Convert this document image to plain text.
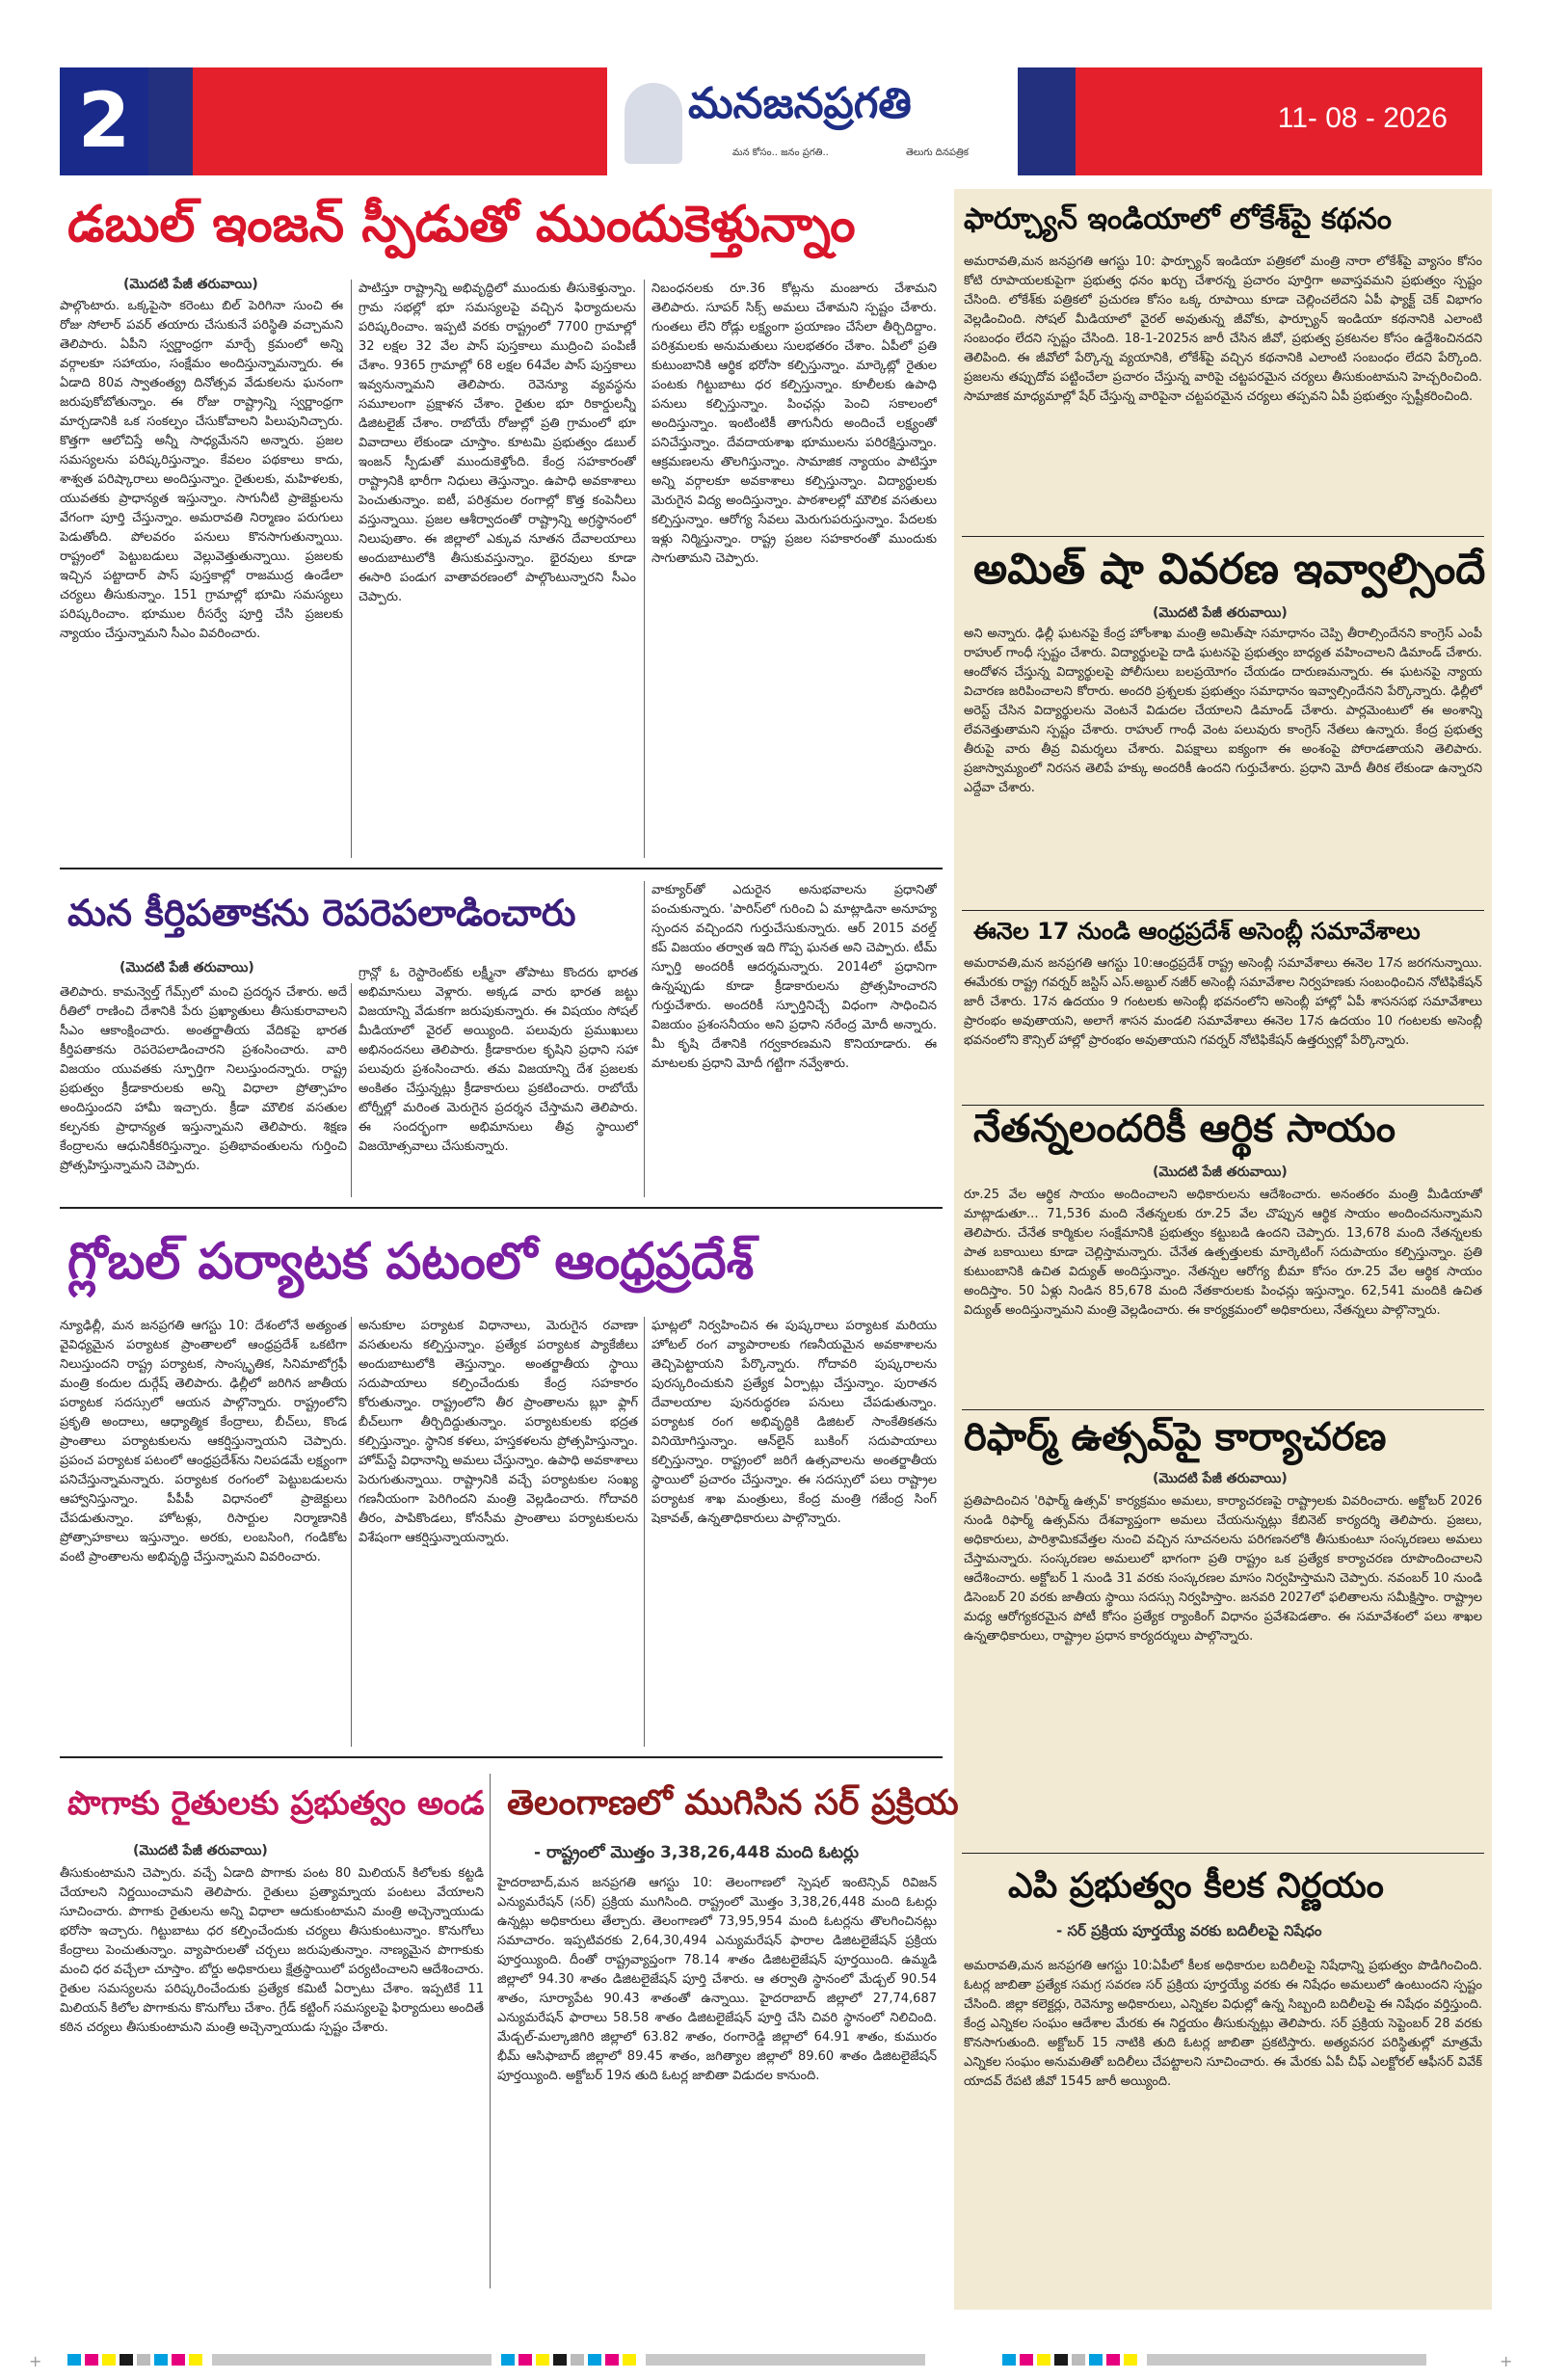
2	మనజనప్రగతి
మన కోసం.. జనం ప్రగతి..	తెలుగు దినపత్రిక
11- 08 - 2026
డబుల్ ఇంజన్ స్పీడుతో ముందుకెళ్తున్నాం
(మొదటి పేజీ తరువాయి)
పాల్గొంటారు. ఒక్కపైసా కరెంటు బిల్ పెరిగినా సుంచి ఈ రోజు సోలార్ పవర్ తయారు చేసుకునే పరిస్థితి వచ్చామని తెలిపారు. ఏపీని స్వర్ణాంధ్రగా మార్చే క్రమంలో అన్ని వర్గాలకూ సహాయం, సంక్షేమం అందిస్తున్నామన్నారు. ఈ ఏడాది 80వ స్వాతంత్య్ర దినోత్సవ వేడుకలను ఘనంగా జరుపుకోబోతున్నాం. ఈ రోజు రాష్ట్రాన్ని స్వర్ణాంధ్రగా మార్చడానికి ఒక సంకల్పం చేసుకోవాలని పిలుపునిచ్చారు. కొత్తగా ఆలోచిస్తే అన్నీ సాధ్యమేనని అన్నారు. ప్రజల సమస్యలను పరిష్కరిస్తున్నాం. కేవలం పథకాలు కాదు, శాశ్వత పరిష్కారాలు అందిస్తున్నాం. రైతులకు, మహిళలకు, యువతకు ప్రాధాన్యత ఇస్తున్నాం. సాగునీటి ప్రాజెక్టులను వేగంగా పూర్తి చేస్తున్నాం. అమరావతి నిర్మాణం పరుగులు పెడుతోంది. పోలవరం పనులు కొనసాగుతున్నాయి. రాష్ట్రంలో పెట్టుబడులు వెల్లువెత్తుతున్నాయి. ప్రజలకు ఇచ్చిన పట్టాదార్ పాస్ పుస్తకాల్లో రాజముద్ర ఉండేలా చర్యలు తీసుకున్నాం. 151 గ్రామాల్లో భూమి సమస్యలు పరిష్కరించాం. భూముల రీసర్వే పూర్తి చేసి ప్రజలకు న్యాయం చేస్తున్నామని సీఎం వివరించారు.
పాటిస్తూ రాష్ట్రాన్ని అభివృద్ధిలో ముందుకు తీసుకెళ్తున్నాం. గ్రామ సభల్లో భూ సమస్యలపై వచ్చిన ఫిర్యాదులను పరిష్కరించాం. ఇప్పటి వరకు రాష్ట్రంలో 7700 గ్రామాల్లో 32 లక్షల 32 వేల పాస్ పుస్తకాలు ముద్రించి పంపిణీ చేశాం. 9365 గ్రామాల్లో 68 లక్షల 64వేల పాస్ పుస్తకాలు ఇవ్వనున్నామని తెలిపారు. రెవెన్యూ వ్యవస్థను సమూలంగా ప్రక్షాళన చేశాం. రైతుల భూ రికార్డులన్నీ డిజిటలైజ్ చేశాం. రాబోయే రోజుల్లో ప్రతి గ్రామంలో భూ వివాదాలు లేకుండా చూస్తాం. కూటమి ప్రభుత్వం డబుల్ ఇంజన్ స్పీడుతో ముందుకెళ్తోంది. కేంద్ర సహకారంతో రాష్ట్రానికి భారీగా నిధులు తెస్తున్నాం. ఉపాధి అవకాశాలు పెంచుతున్నాం. ఐటీ, పరిశ్రమల రంగాల్లో కొత్త కంపెనీలు వస్తున్నాయి. ప్రజల ఆశీర్వాదంతో రాష్ట్రాన్ని అగ్రస్థానంలో నిలుపుతాం. ఈ జిల్లాలో ఎక్కువ నూతన దేవాలయాలు అందుబాటులోకి తీసుకువస్తున్నాం. భైరవులు కూడా ఈసారి పండుగ వాతావరణంలో పాల్గొంటున్నారని సీఎం చెప్పారు.
నిబంధనలకు రూ.36 కోట్లను మంజూరు చేశామని తెలిపారు. సూపర్ సిక్స్ అమలు చేశామని స్పష్టం చేశారు. గుంతలు లేని రోడ్లు లక్ష్యంగా ప్రయాణం చేసేలా తీర్చిదిద్దాం. పరిశ్రమలకు అనుమతులు సులభతరం చేశాం. ఏపీలో ప్రతి కుటుంబానికి ఆర్థిక భరోసా కల్పిస్తున్నాం. మార్కెట్లో రైతుల పంటకు గిట్టుబాటు ధర కల్పిస్తున్నాం. కూలీలకు ఉపాధి పనులు కల్పిస్తున్నాం. పింఛన్లు పెంచి సకాలంలో అందిస్తున్నాం. ఇంటింటికీ తాగునీరు అందించే లక్ష్యంతో పనిచేస్తున్నాం. దేవదాయశాఖ భూములను పరిరక్షిస్తున్నాం. ఆక్రమణలను తొలగిస్తున్నాం. సామాజిక న్యాయం పాటిస్తూ అన్ని వర్గాలకూ అవకాశాలు కల్పిస్తున్నాం. విద్యార్థులకు మెరుగైన విద్య అందిస్తున్నాం. పాఠశాలల్లో మౌలిక వసతులు కల్పిస్తున్నాం. ఆరోగ్య సేవలు మెరుగుపరుస్తున్నాం. పేదలకు ఇళ్లు నిర్మిస్తున్నాం. రాష్ట్ర ప్రజల సహకారంతో ముందుకు సాగుతామని చెప్పారు.
మన కీర్తిపతాకను రెపరెపలాడించారు
(మొదటి పేజీ తరువాయి)
తెలిపారు. కామన్వెల్త్ గేమ్స్‌లో మంచి ప్రదర్శన చేశారు. అదే రీతిలో రాణించి దేశానికి పేరు ప్రఖ్యాతులు తీసుకురావాలని సీఎం ఆకాంక్షించారు. అంతర్జాతీయ వేదికపై భారత కీర్తిపతాకను రెపరెపలాడించారని ప్రశంసించారు. వారి విజయం యువతకు స్ఫూర్తిగా నిలుస్తుందన్నారు. రాష్ట్ర ప్రభుత్వం క్రీడాకారులకు అన్ని విధాలా ప్రోత్సాహం అందిస్తుందని హామీ ఇచ్చారు. క్రీడా మౌలిక వసతుల కల్పనకు ప్రాధాన్యత ఇస్తున్నామని తెలిపారు. శిక్షణ కేంద్రాలను ఆధునికీకరిస్తున్నాం. ప్రతిభావంతులను గుర్తించి ప్రోత్సహిస్తున్నామని చెప్పారు.
గ్రాన్లో ఓ రెస్టారెంట్‌కు లక్ష్మీనా తోపాటు కొందరు భారత అభిమానులు వెళ్లారు. అక్కడ వారు భారత జట్టు విజయాన్ని వేడుకగా జరుపుకున్నారు. ఈ విషయం సోషల్ మీడియాలో వైరల్ అయ్యింది. పలువురు ప్రముఖులు అభినందనలు తెలిపారు. క్రీడాకారుల కృషిని ప్రధాని సహా పలువురు ప్రశంసించారు. తమ విజయాన్ని దేశ ప్రజలకు అంకితం చేస్తున్నట్లు క్రీడాకారులు ప్రకటించారు. రాబోయే టోర్నీల్లో మరింత మెరుగైన ప్రదర్శన చేస్తామని తెలిపారు. ఈ సందర్భంగా అభిమానులు తీవ్ర స్థాయిలో విజయోత్సవాలు చేసుకున్నారు.
వాక్యూర్‌తో ఎదురైన అనుభవాలను ప్రధానితో పంచుకున్నారు. 'పారిస్‌లో గురించి ఏ మాట్లాడినా అనూహ్య స్పందన వచ్చిందని గుర్తుచేసుకున్నారు. ఆర్ 2015 వరల్డ్ కప్ విజయం తర్వాత ఇది గొప్ప ఘనత అని చెప్పారు. టీమ్ స్ఫూర్తి అందరికీ ఆదర్శమన్నారు. 2014లో ప్రధానిగా ఉన్నప్పుడు కూడా క్రీడాకారులను ప్రోత్సహించారని గుర్తుచేశారు. అందరికీ స్ఫూర్తినిచ్చే విధంగా సాధించిన విజయం ప్రశంసనీయం అని ప్రధాని నరేంద్ర మోదీ అన్నారు. మీ కృషి దేశానికి గర్వకారణమని కొనియాడారు. ఈ మాటలకు ప్రధాని మోదీ గట్టిగా నవ్వేశారు.
గ్లోబల్ పర్యాటక పటంలో ఆంధ్రప్రదేశ్
న్యూఢిల్లీ, మన జనప్రగతి ఆగస్టు 10: దేశంలోనే అత్యంత వైవిధ్యమైన పర్యాటక ప్రాంతాలలో ఆంధ్రప్రదేశ్ ఒకటిగా నిలుస్తుందని రాష్ట్ర పర్యాటక, సాంస్కృతిక, సినిమాటోగ్రఫీ మంత్రి కందుల దుర్గేష్ తెలిపారు. ఢిల్లీలో జరిగిన జాతీయ పర్యాటక సదస్సులో ఆయన పాల్గొన్నారు. రాష్ట్రంలోని ప్రకృతి అందాలు, ఆధ్యాత్మిక కేంద్రాలు, బీచ్‌లు, కొండ ప్రాంతాలు పర్యాటకులను ఆకర్షిస్తున్నాయని చెప్పారు. ప్రపంచ పర్యాటక పటంలో ఆంధ్రప్రదేశ్‌ను నిలపడమే లక్ష్యంగా పనిచేస్తున్నామన్నారు. పర్యాటక రంగంలో పెట్టుబడులను ఆహ్వానిస్తున్నాం. పీపీపీ విధానంలో ప్రాజెక్టులు చేపడుతున్నాం. హోటళ్లు, రిసార్టుల నిర్మాణానికి ప్రోత్సాహకాలు ఇస్తున్నాం. అరకు, లంబసింగి, గండికోట వంటి ప్రాంతాలను అభివృద్ధి చేస్తున్నామని వివరించారు.
అనుకూల పర్యాటక విధానాలు, మెరుగైన రవాణా వసతులను కల్పిస్తున్నాం. ప్రత్యేక పర్యాటక ప్యాకేజీలు అందుబాటులోకి తెస్తున్నాం. అంతర్జాతీయ స్థాయి సదుపాయాలు కల్పించేందుకు కేంద్ర సహకారం కోరుతున్నాం. రాష్ట్రంలోని తీర ప్రాంతాలను బ్లూ ఫ్లాగ్ బీచ్‌లుగా తీర్చిదిద్దుతున్నాం. పర్యాటకులకు భద్రత కల్పిస్తున్నాం. స్థానిక కళలు, హస్తకళలను ప్రోత్సహిస్తున్నాం. హోమ్‌స్టే విధానాన్ని అమలు చేస్తున్నాం. ఉపాధి అవకాశాలు పెరుగుతున్నాయి. రాష్ట్రానికి వచ్చే పర్యాటకుల సంఖ్య గణనీయంగా పెరిగిందని మంత్రి వెల్లడించారు. గోదావరి తీరం, పాపికొండలు, కోనసీమ ప్రాంతాలు పర్యాటకులను విశేషంగా ఆకర్షిస్తున్నాయన్నారు.
ఘాట్లలో నిర్వహించిన ఈ పుష్కరాలు పర్యాటక మరియు హోటల్ రంగ వ్యాపారాలకు గణనీయమైన అవకాశాలను తెచ్చిపెట్టాయని పేర్కొన్నారు. గోదావరి పుష్కరాలను పురస్కరించుకుని ప్రత్యేక ఏర్పాట్లు చేస్తున్నాం. పురాతన దేవాలయాల పునరుద్ధరణ పనులు చేపడుతున్నాం. పర్యాటక రంగ అభివృద్ధికి డిజిటల్ సాంకేతికతను వినియోగిస్తున్నాం. ఆన్‌లైన్ బుకింగ్ సదుపాయాలు కల్పిస్తున్నాం. రాష్ట్రంలో జరిగే ఉత్సవాలను అంతర్జాతీయ స్థాయిలో ప్రచారం చేస్తున్నాం. ఈ సదస్సులో పలు రాష్ట్రాల పర్యాటక శాఖ మంత్రులు, కేంద్ర మంత్రి గజేంద్ర సింగ్ షెకావత్, ఉన్నతాధికారులు పాల్గొన్నారు.
పొగాకు రైతులకు ప్రభుత్వం అండ
(మొదటి పేజీ తరువాయి)
తీసుకుంటామని చెప్పారు. వచ్చే ఏడాది పొగాకు పంట 80 మిలియన్ కిలోలకు కట్టడి చేయాలని నిర్ణయించామని తెలిపారు. రైతులు ప్రత్యామ్నాయ పంటలు వేయాలని సూచించారు. పొగాకు రైతులను అన్ని విధాలా ఆదుకుంటామని మంత్రి అచ్చెన్నాయుడు భరోసా ఇచ్చారు. గిట్టుబాటు ధర కల్పించేందుకు చర్యలు తీసుకుంటున్నాం. కొనుగోలు కేంద్రాలు పెంచుతున్నాం. వ్యాపారులతో చర్చలు జరుపుతున్నాం. నాణ్యమైన పొగాకుకు మంచి ధర వచ్చేలా చూస్తాం. బోర్డు అధికారులు క్షేత్రస్థాయిలో పర్యటించాలని ఆదేశించారు. రైతుల సమస్యలను పరిష్కరించేందుకు ప్రత్యేక కమిటీ ఏర్పాటు చేశాం. ఇప్పటికే 11 మిలియన్ కిలోల పొగాకును కొనుగోలు చేశాం. గ్రేడ్ కట్టింగ్ సమస్యలపై ఫిర్యాదులు అందితే కఠిన చర్యలు తీసుకుంటామని మంత్రి అచ్చెన్నాయుడు స్పష్టం చేశారు.
తెలంగాణలో ముగిసిన సర్ ప్రక్రియ
- రాష్ట్రంలో మొత్తం 3,38,26,448 మంది ఓటర్లు
హైదరాబాద్,మన జనప్రగతి ఆగస్టు 10: తెలంగాణలో స్పెషల్ ఇంటెన్సివ్ రివిజన్ ఎన్యుమరేషన్ (సర్) ప్రక్రియ ముగిసింది. రాష్ట్రంలో మొత్తం 3,38,26,448 మంది ఓటర్లు ఉన్నట్లు అధికారులు తేల్చారు. తెలంగాణలో 73,95,954 మంది ఓటర్లను తొలగించినట్లు సమాచారం. ఇప్పటివరకు 2,64,30,494 ఎన్యుమరేషన్ ఫారాల డిజిటలైజేషన్ ప్రక్రియ పూర్తయ్యింది. దీంతో రాష్ట్రవ్యాప్తంగా 78.14 శాతం డిజిటలైజేషన్ పూర్తయింది. ఉమ్మడి జిల్లాలో 94.30 శాతం డిజిటలైజేషన్ పూర్తి చేశారు. ఆ తర్వాతి స్థానంలో మేడ్చల్ 90.54 శాతం, సూర్యాపేట 90.43 శాతంతో ఉన్నాయి. హైదరాబాద్ జిల్లాలో 27,74,687 ఎన్యుమరేషన్ ఫారాలు 58.58 శాతం డిజిటలైజేషన్ పూర్తి చేసి చివరి స్థానంలో నిలిచింది. మేడ్చల్-మల్కాజిగిరి జిల్లాలో 63.82 శాతం, రంగారెడ్డి జిల్లాలో 64.91 శాతం, కుమురం భీమ్ ఆసిఫాబాద్ జిల్లాలో 89.45 శాతం, జగిత్యాల జిల్లాలో 89.60 శాతం డిజిటలైజేషన్ పూర్తయ్యింది. అక్టోబర్ 19న తుది ఓటర్ల జాబితా విడుదల కానుంది.
ఫార్చ్యూన్ ఇండియాలో లోకేశ్‌పై కథనం
అమరావతి,మన జనప్రగతి ఆగస్టు 10: ఫార్చ్యూన్ ఇండియా పత్రికలో మంత్రి నారా లోకేశ్‌పై వ్యాసం కోసం కోటి రూపాయలకుపైగా ప్రభుత్వ ధనం ఖర్చు చేశారన్న ప్రచారం పూర్తిగా అవాస్తవమని ప్రభుత్వం స్పష్టం చేసింది. లోకేశ్‌కు పత్రికలో ప్రచురణ కోసం ఒక్క రూపాయి కూడా చెల్లించలేదని ఏపీ ఫ్యాక్ట్ చెక్ విభాగం వెల్లడించింది. సోషల్ మీడియాలో వైరల్ అవుతున్న జీవోకు, ఫార్చ్యూన్ ఇండియా కథనానికి ఎలాంటి సంబంధం లేదని స్పష్టం చేసింది. 18-1-2025న జారీ చేసిన జీవో, ప్రభుత్వ ప్రకటనల కోసం ఉద్దేశించినదని తెలిపింది. ఈ జీవోలో పేర్కొన్న వ్యయానికి, లోకేశ్‌పై వచ్చిన కథనానికి ఎలాంటి సంబంధం లేదని పేర్కొంది. ప్రజలను తప్పుదోవ పట్టించేలా ప్రచారం చేస్తున్న వారిపై చట్టపరమైన చర్యలు తీసుకుంటామని హెచ్చరించింది. సామాజిక మాధ్యమాల్లో షేర్ చేస్తున్న వారిపైనా చట్టపరమైన చర్యలు తప్పవని ఏపీ ప్రభుత్వం స్పష్టీకరించింది.
అమిత్ షా వివరణ ఇవ్వాల్సిందే
(మొదటి పేజీ తరువాయి)
అని అన్నారు. ఢిల్లీ ఘటనపై కేంద్ర హోంశాఖ మంత్రి అమిత్‌షా సమాధానం చెప్పి తీరాల్సిందేనని కాంగ్రెస్ ఎంపీ రాహుల్ గాంధీ స్పష్టం చేశారు. విద్యార్థులపై దాడి ఘటనపై ప్రభుత్వం బాధ్యత వహించాలని డిమాండ్ చేశారు. ఆందోళన చేస్తున్న విద్యార్థులపై పోలీసులు బలప్రయోగం చేయడం దారుణమన్నారు. ఈ ఘటనపై న్యాయ విచారణ జరిపించాలని కోరారు. అందరి ప్రశ్నలకు ప్రభుత్వం సమాధానం ఇవ్వాల్సిందేనని పేర్కొన్నారు. ఢిల్లీలో అరెస్ట్ చేసిన విద్యార్థులను వెంటనే విడుదల చేయాలని డిమాండ్ చేశారు. పార్లమెంటులో ఈ అంశాన్ని లేవనెత్తుతామని స్పష్టం చేశారు. రాహుల్ గాంధీ వెంట పలువురు కాంగ్రెస్ నేతలు ఉన్నారు. కేంద్ర ప్రభుత్వ తీరుపై వారు తీవ్ర విమర్శలు చేశారు. విపక్షాలు ఐక్యంగా ఈ అంశంపై పోరాడతాయని తెలిపారు. ప్రజాస్వామ్యంలో నిరసన తెలిపే హక్కు అందరికీ ఉందని గుర్తుచేశారు. ప్రధాని మోదీ తీరిక లేకుండా ఉన్నారని ఎద్దేవా చేశారు.
ఈనెల 17 నుండి ఆంధ్రప్రదేశ్ అసెంబ్లీ సమావేశాలు
అమరావతి,మన జనప్రగతి ఆగస్టు 10:ఆంధ్రప్రదేశ్ రాష్ట్ర అసెంబ్లీ సమావేశాలు ఈనెల 17న జరగనున్నాయి. ఈమేరకు రాష్ట్ర గవర్నర్ జస్టిస్ ఎస్.అబ్దుల్ నజీర్ అసెంబ్లీ సమావేశాల నిర్వహణకు సంబంధించిన నోటిఫికేషన్ జారీ చేశారు. 17న ఉదయం 9 గంటలకు అసెంబ్లీ భవనంలోని అసెంబ్లీ హాల్లో ఏపీ శాసనసభ సమావేశాలు ప్రారంభం అవుతాయని, అలాగే శాసన మండలి సమావేశాలు ఈనెల 17న ఉదయం 10 గంటలకు అసెంబ్లీ భవనంలోని కౌన్సిల్ హాల్లో ప్రారంభం అవుతాయని గవర్నర్ నోటిఫికేషన్ ఉత్తర్వుల్లో పేర్కొన్నారు.
నేతన్నలందరికీ ఆర్థిక సాయం
(మొదటి పేజీ తరువాయి)
రూ.25 వేల ఆర్థిక సాయం అందించాలని అధికారులను ఆదేశించారు. అనంతరం మంత్రి మీడియాతో మాట్లాడుతూ... 71,536 మంది నేతన్నలకు రూ.25 వేల చొప్పున ఆర్థిక సాయం అందించనున్నామని తెలిపారు. చేనేత కార్మికుల సంక్షేమానికి ప్రభుత్వం కట్టుబడి ఉందని చెప్పారు. 13,678 మంది నేతన్నలకు పాత బకాయిలు కూడా చెల్లిస్తామన్నారు. చేనేత ఉత్పత్తులకు మార్కెటింగ్ సదుపాయం కల్పిస్తున్నాం. ప్రతి కుటుంబానికి ఉచిత విద్యుత్ అందిస్తున్నాం. నేతన్నల ఆరోగ్య బీమా కోసం రూ.25 వేల ఆర్థిక సాయం అందిస్తాం. 50 ఏళ్లు నిండిన 85,678 మంది నేతకారులకు పింఛన్లు ఇస్తున్నాం. 62,541 మందికి ఉచిత విద్యుత్ అందిస్తున్నామని మంత్రి వెల్లడించారు. ఈ కార్యక్రమంలో అధికారులు, నేతన్నలు పాల్గొన్నారు.
రిఫార్మ్ ఉత్సవ్‌పై కార్యాచరణ
(మొదటి పేజీ తరువాయి)
ప్రతిపాదించిన 'రిఫార్మ్ ఉత్సవ్' కార్యక్రమం అమలు, కార్యాచరణపై రాష్ట్రాలకు వివరించారు. అక్టోబర్ 2026 నుండి రిఫార్మ్ ఉత్సవ్‌ను దేశవ్యాప్తంగా అమలు చేయనున్నట్లు కేబినెట్ కార్యదర్శి తెలిపారు. ప్రజలు, అధికారులు, పారిశ్రామికవేత్తల నుంచి వచ్చిన సూచనలను పరిగణనలోకి తీసుకుంటూ సంస్కరణలు అమలు చేస్తామన్నారు. సంస్కరణల అమలులో భాగంగా ప్రతి రాష్ట్రం ఒక ప్రత్యేక కార్యాచరణ రూపొందించాలని ఆదేశించారు. అక్టోబర్ 1 నుండి 31 వరకు సంస్కరణల మాసం నిర్వహిస్తామని చెప్పారు. నవంబర్ 10 నుండి డిసెంబర్ 20 వరకు జాతీయ స్థాయి సదస్సు నిర్వహిస్తాం. జనవరి 2027లో ఫలితాలను సమీక్షిస్తాం. రాష్ట్రాల మధ్య ఆరోగ్యకరమైన పోటీ కోసం ప్రత్యేక ర్యాంకింగ్ విధానం ప్రవేశపెడతాం. ఈ సమావేశంలో పలు శాఖల ఉన్నతాధికారులు, రాష్ట్రాల ప్రధాన కార్యదర్శులు పాల్గొన్నారు.
ఎపి ప్రభుత్వం కీలక నిర్ణయం
- సర్ ప్రక్రియ పూర్తయ్యే వరకు బదిలీలపై నిషేధం
అమరావతి,మన జనప్రగతి ఆగస్టు 10:ఏపీలో కీలక అధికారుల బదిలీలపై నిషేధాన్ని ప్రభుత్వం పొడిగించింది. ఓటర్ల జాబితా ప్రత్యేక సమగ్ర సవరణ సర్ ప్రక్రియ పూర్తయ్యే వరకు ఈ నిషేధం అమలులో ఉంటుందని స్పష్టం చేసింది. జిల్లా కలెక్టర్లు, రెవెన్యూ అధికారులు, ఎన్నికల విధుల్లో ఉన్న సిబ్బంది బదిలీలపై ఈ నిషేధం వర్తిస్తుంది. కేంద్ర ఎన్నికల సంఘం ఆదేశాల మేరకు ఈ నిర్ణయం తీసుకున్నట్లు తెలిపారు. సర్ ప్రక్రియ సెప్టెంబర్ 28 వరకు కొనసాగుతుంది. అక్టోబర్ 15 నాటికి తుది ఓటర్ల జాబితా ప్రకటిస్తారు. అత్యవసర పరిస్థితుల్లో మాత్రమే ఎన్నికల సంఘం అనుమతితో బదిలీలు చేపట్టాలని సూచించారు. ఈ మేరకు ఏపీ చీఫ్ ఎలక్టోరల్ ఆఫీసర్ వివేక్ యాదవ్ రేపటి జీవో 1545 జారీ అయ్యింది.
+	+
